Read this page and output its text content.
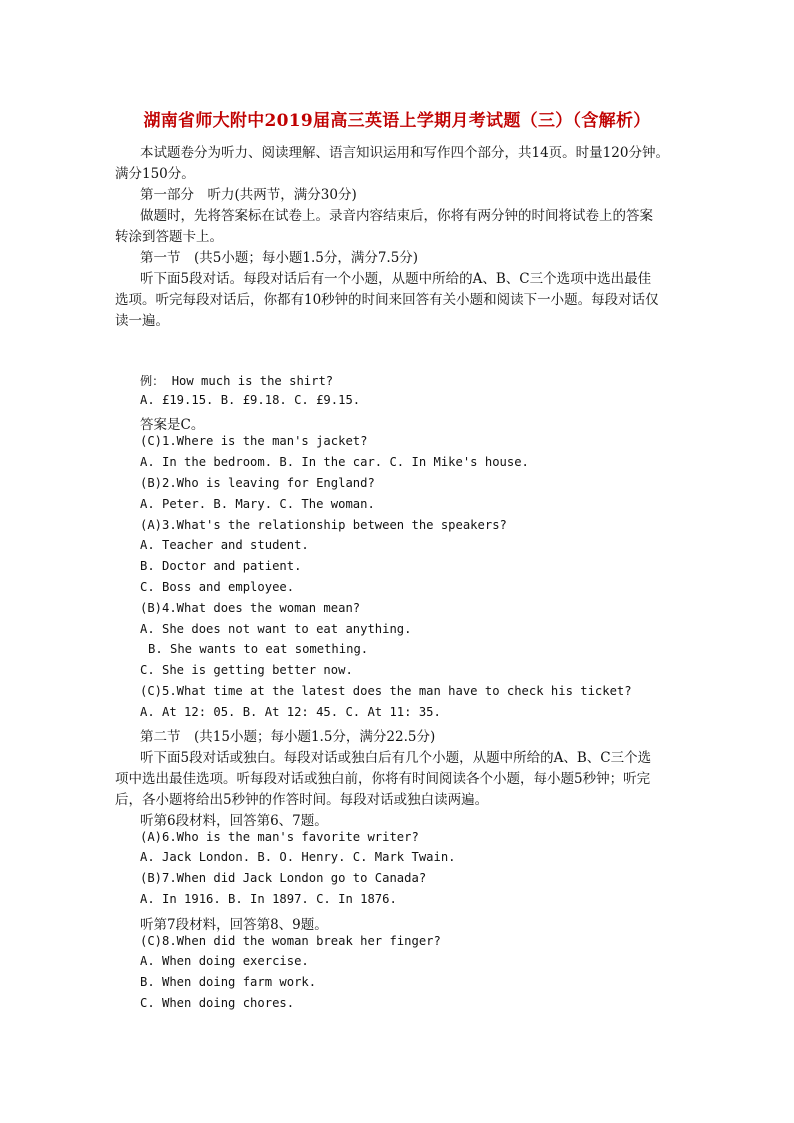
湖南省师大附中2019届高三英语上学期月考试题（三）（含解析）
本试题卷分为听力、阅读理解、语言知识运用和写作四个部分，共14页。时量120分钟。
满分150分。
第一部分　听力(共两节，满分30分)
做题时，先将答案标在试卷上。录音内容结束后，你将有两分钟的时间将试卷上的答案
转涂到答题卡上。
第一节　(共5小题；每小题1.5分，满分7.5分)
听下面5段对话。每段对话后有一个小题，从题中所给的A、B、C三个选项中选出最佳
选项。听完每段对话后，你都有10秒钟的时间来回答有关小题和阅读下一小题。每段对话仅
读一遍。
例： How much is the shirt?
A. £19.15. B. £9.18. C. £9.15.
答案是C。
(C)1.Where is the man's jacket?
A. In the bedroom. B. In the car. C. In Mike's house.
(B)2.Who is leaving for England?
A. Peter. B. Mary. C. The woman.
(A)3.What's the relationship between the speakers?
A. Teacher and student.
B. Doctor and patient.
C. Boss and employee.
(B)4.What does the woman mean?
A. She does not want to eat anything.
B. She wants to eat something.
C. She is getting better now.
(C)5.What time at the latest does the man have to check his ticket?
A. At 12: 05. B. At 12: 45. C. At 11: 35.
第二节　(共15小题；每小题1.5分，满分22.5分)
听下面5段对话或独白。每段对话或独白后有几个小题，从题中所给的A、B、C三个选
项中选出最佳选项。听每段对话或独白前，你将有时间阅读各个小题，每小题5秒钟；听完
后，各小题将给出5秒钟的作答时间。每段对话或独白读两遍。
听第6段材料，回答第6、7题。
(A)6.Who is the man's favorite writer?
A. Jack London. B. O. Henry. C. Mark Twain.
(B)7.When did Jack London go to Canada?
A. In 1916. B. In 1897. C. In 1876.
听第7段材料，回答第8、9题。
(C)8.When did the woman break her finger?
A. When doing exercise.
B. When doing farm work.
C. When doing chores.
